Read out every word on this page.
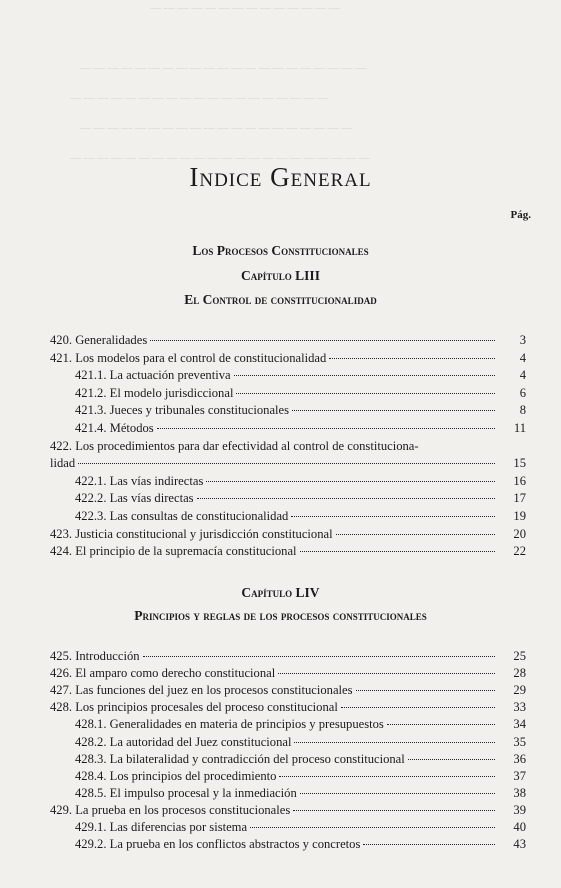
— — — — — — — — — — — — — —
— — — — — — — — — — — — — — — — — — — — —
— — — — — — — — — — — — — — — — — — —
— — — — — — — — — — — — — — — — — — — —
— — — — — — — — — — — — — — — — — — — — — —
Indice General
Pág.
Los Procesos Constitucionales
Capítulo LIII
El Control de constitucionalidad
420. Generalidades	3
421. Los modelos para el control de constitucionalidad	4
421.1. La actuación preventiva	4
421.2. El modelo jurisdiccional	6
421.3. Jueces y tribunales constitucionales	8
421.4. Métodos	11
422. Los procedimientos para dar efectividad al control de constituciona-
lidad	15
422.1. Las vías indirectas	16
422.2. Las vías directas	17
422.3. Las consultas de constitucionalidad	19
423. Justicia constitucional y jurisdicción constitucional	20
424. El principio de la supremacía constitucional	22
Capítulo LIV
Principios y reglas de los procesos constitucionales
425. Introducción	25
426. El amparo como derecho constitucional	28
427. Las funciones del juez en los procesos constitucionales	29
428. Los principios procesales del proceso constitucional	33
428.1. Generalidades en materia de principios y presupuestos	34
428.2. La autoridad del Juez constitucional	35
428.3. La bilateralidad y contradicción del proceso constitucional	36
428.4. Los principios del procedimiento	37
428.5. El impulso procesal y la inmediación	38
429. La prueba en los procesos constitucionales	39
429.1. Las diferencias por sistema	40
429.2. La prueba en los conflictos abstractos y concretos	43
